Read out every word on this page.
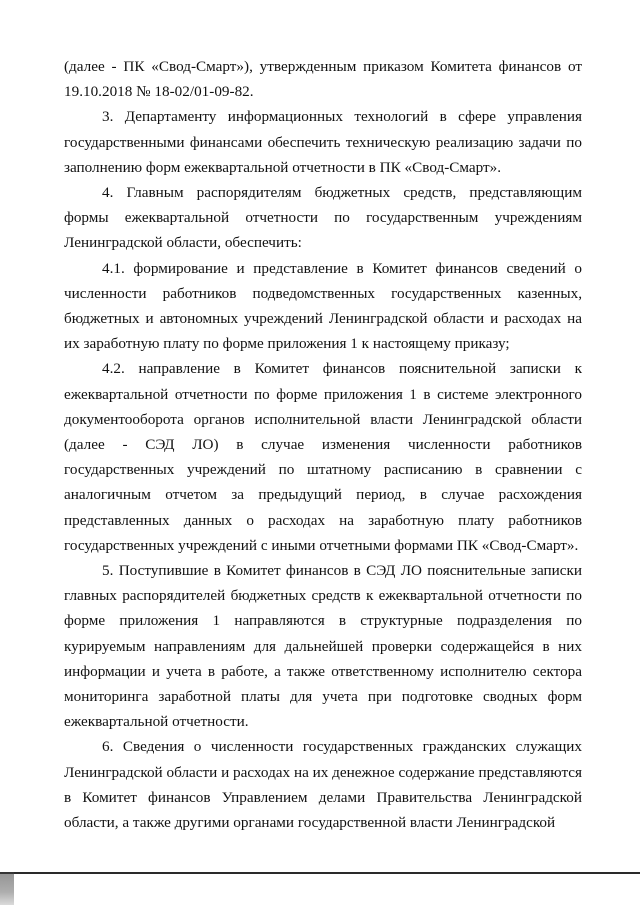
(далее - ПК «Свод-Смарт»), утвержденным приказом Комитета финансов от 19.10.2018 № 18-02/01-09-82.

3. Департаменту информационных технологий в сфере управления государственными финансами обеспечить техническую реализацию задачи по заполнению форм ежеквартальной отчетности в ПК «Свод-Смарт».

4. Главным распорядителям бюджетных средств, представляющим формы ежеквартальной отчетности по государственным учреждениям Ленинградской области, обеспечить:

4.1. формирование и представление в Комитет финансов сведений о численности работников подведомственных государственных казенных, бюджетных и автономных учреждений Ленинградской области и расходах на их заработную плату по форме приложения 1 к настоящему приказу;

4.2. направление в Комитет финансов пояснительной записки к ежеквартальной отчетности по форме приложения 1 в системе электронного документооборота органов исполнительной власти Ленинградской области (далее - СЭД ЛО) в случае изменения численности работников государственных учреждений по штатному расписанию в сравнении с аналогичным отчетом за предыдущий период, в случае расхождения представленных данных о расходах на заработную плату работников государственных учреждений с иными отчетными формами ПК «Свод-Смарт».

5. Поступившие в Комитет финансов в СЭД ЛО пояснительные записки главных распорядителей бюджетных средств к ежеквартальной отчетности по форме приложения 1 направляются в структурные подразделения по курируемым направлениям для дальнейшей проверки содержащейся в них информации и учета в работе, а также ответственному исполнителю сектора мониторинга заработной платы для учета при подготовке сводных форм ежеквартальной отчетности.

6. Сведения о численности государственных гражданских служащих Ленинградской области и расходах на их денежное содержание представляются в Комитет финансов Управлением делами Правительства Ленинградской области, а также другими органами государственной власти Ленинградской
